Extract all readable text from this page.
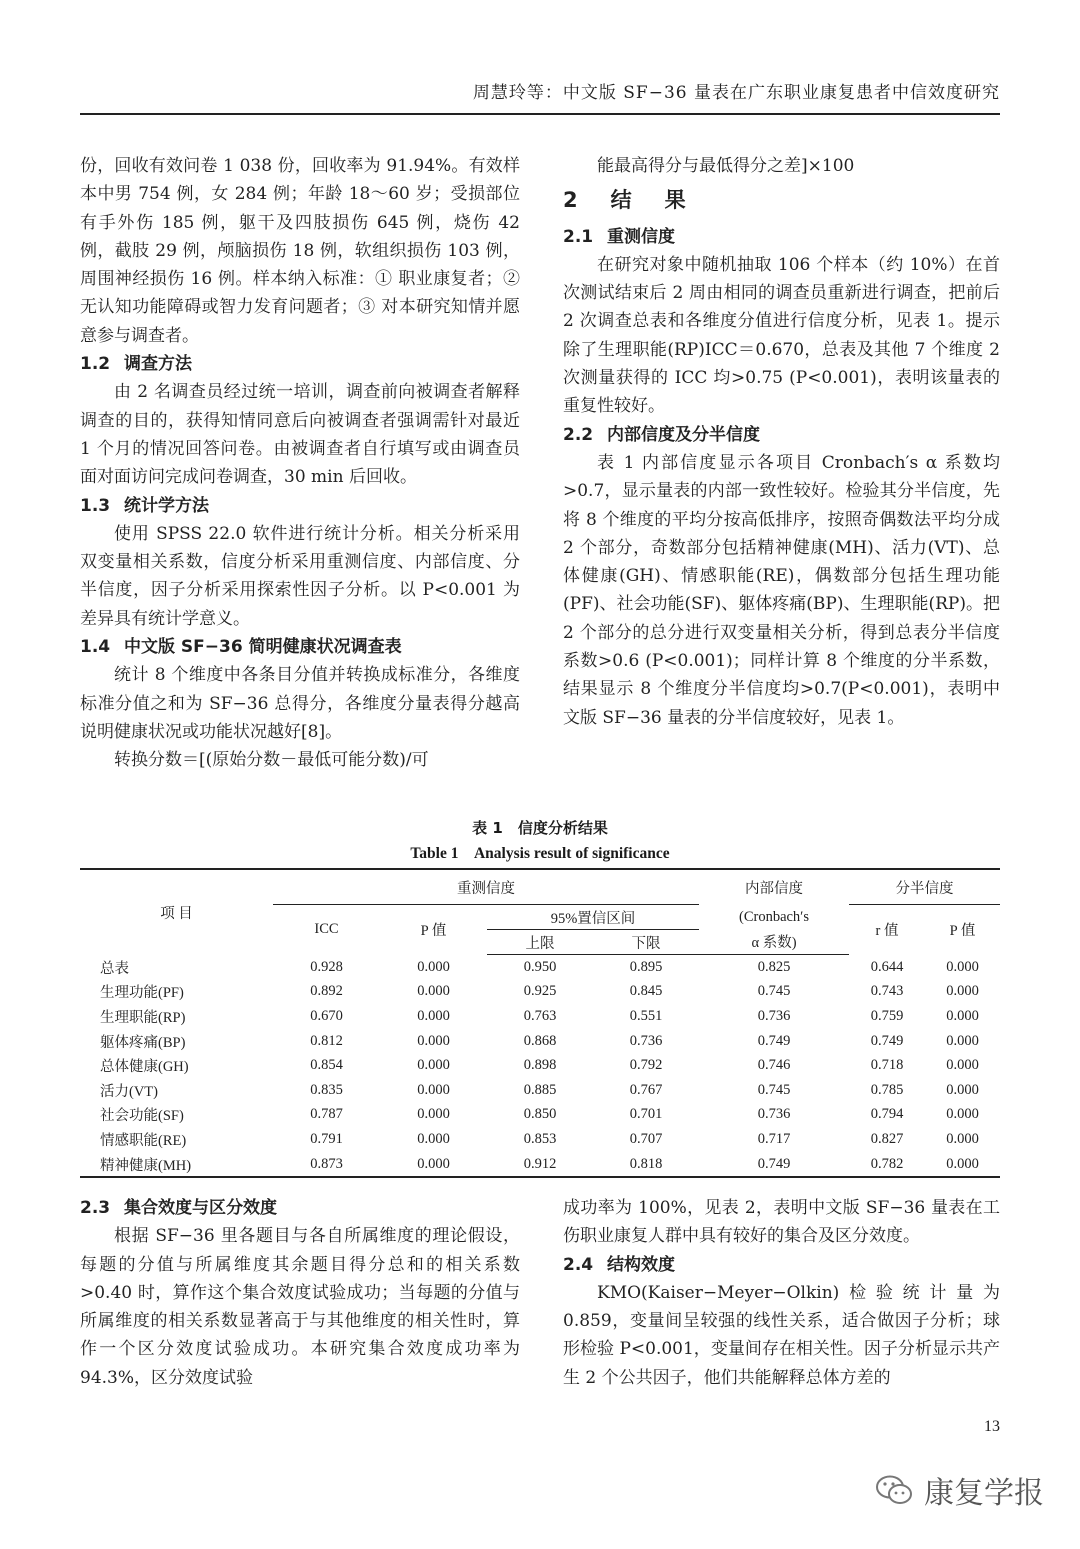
周慧玲等：中文版 SF−36 量表在广东职业康复患者中信效度研究

份，回收有效问卷 1 038 份，回收率为 91.94%。有效样本中男 754 例，女 284 例；年龄 18～60 岁；受损部位有手外伤 185 例，躯干及四肢损伤 645 例，烧伤 42 例，截肢 29 例，颅脑损伤 18 例，软组织损伤 103 例，周围神经损伤 16 例。样本纳入标准：① 职业康复者；② 无认知功能障碍或智力发育问题者；③ 对本研究知情并愿意参与调查者。

1.2 调查方法

由 2 名调查员经过统一培训，调查前向被调查者解释调查的目的，获得知情同意后向被调查者强调需针对最近 1 个月的情况回答问卷。由被调查者自行填写或由调查员面对面访问完成问卷调查，30 min 后回收。

1.3 统计学方法

使用 SPSS 22.0 软件进行统计分析。相关分析采用双变量相关系数，信度分析采用重测信度、内部信度、分半信度，因子分析采用探索性因子分析。以 P<0.001 为差异具有统计学意义。

1.4 中文版 SF−36 简明健康状况调查表

统计 8 个维度中各条目分值并转换成标准分，各维度标准分值之和为 SF−36 总得分，各维度分量表得分越高说明健康状况或功能状况越好[8]。

转换分数＝[(原始分数－最低可能分数)/可

能最高得分与最低得分之差]×100

2　结　果
2.1 重测信度

在研究对象中随机抽取 106 个样本（约 10%）在首次测试结束后 2 周由相同的调查员重新进行调查，把前后 2 次调查总表和各维度分值进行信度分析，见表 1。提示除了生理职能(RP)ICC＝0.670，总表及其他 7 个维度 2 次测量获得的 ICC 均>0.75 (P<0.001)，表明该量表的重复性较好。

2.2 内部信度及分半信度

表 1 内部信度显示各项目 Cronbach′s α 系数均>0.7，显示量表的内部一致性较好。检验其分半信度，先将 8 个维度的平均分按高低排序，按照奇偶数法平均分成 2 个部分，奇数部分包括精神健康(MH)、活力(VT)、总体健康(GH)、情感职能(RE)，偶数部分包括生理功能(PF)、社会功能(SF)、躯体疼痛(BP)、生理职能(RP)。把 2 个部分的总分进行双变量相关分析，得到总表分半信度系数>0.6 (P<0.001)；同样计算 8 个维度的分半系数，结果显示 8 个维度分半信度均>0.7(P<0.001)，表明中文版 SF−36 量表的分半信度较好，见表 1。

表 1　信度分析结果
Table 1　Analysis result of significance
项 目	重测信度				内部信度	分半信度	
	ICC	P 值	95%置信区间		(Cronbach′s	r 值	P 值
			上限	下限	α 系数)		
总表	0.928	0.000	0.950	0.895	0.825	0.644	0.000
生理功能(PF)	0.892	0.000	0.925	0.845	0.745	0.743	0.000
生理职能(RP)	0.670	0.000	0.763	0.551	0.736	0.759	0.000
躯体疼痛(BP)	0.812	0.000	0.868	0.736	0.749	0.749	0.000
总体健康(GH)	0.854	0.000	0.898	0.792	0.746	0.718	0.000
活力(VT)	0.835	0.000	0.885	0.767	0.745	0.785	0.000
社会功能(SF)	0.787	0.000	0.850	0.701	0.736	0.794	0.000
情感职能(RE)	0.791	0.000	0.853	0.707	0.717	0.827	0.000
精神健康(MH)	0.873	0.000	0.912	0.818	0.749	0.782	0.000
2.3 集合效度与区分效度

根据 SF−36 里各题目与各自所属维度的理论假设，每题的分值与所属维度其余题目得分总和的相关系数>0.40 时，算作这个集合效度试验成功；当每题的分值与所属维度的相关系数显著高于与其他维度的相关性时，算作一个区分效度试验成功。本研究集合效度成功率为 94.3%，区分效度试验

成功率为 100%，见表 2，表明中文版 SF−36 量表在工伤职业康复人群中具有较好的集合及区分效度。

2.4 结构效度

KMO(Kaiser−Meyer−Olkin)检验统计量为0.859，变量间呈较强的线性关系，适合做因子分析；球形检验 P<0.001，变量间存在相关性。因子分析显示共产生 2 个公共因子，他们共能解释总体方差的

13
康复学报
